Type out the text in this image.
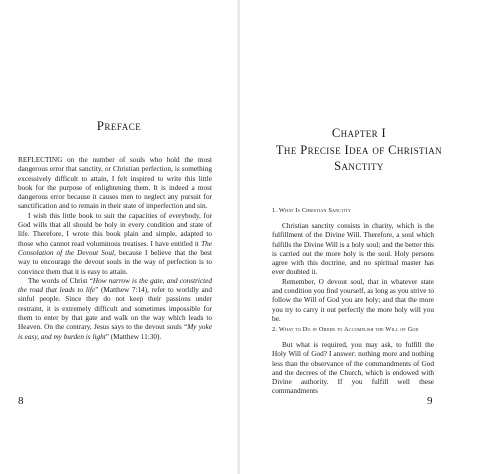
Preface

REFLECTING on the number of souls who hold the most dangerous error that sanctity, or Christian perfection, is something excessively difficult to attain, I felt inspired to write this little book for the purpose of enlightening them. It is indeed a most dangerous error because it causes men to neglect any pursuit for sanctification and to remain in their state of imperfection and sin.

I wish this little book to suit the capacities of everybody, for God wills that all should be holy in every condition and state of life. Therefore, I wrote this book plain and simple, adapted to those who cannot read voluminous treatises. I have entitled it The Consolation of the Devout Soul, because I believe that the best way to encourage the devout souls in the way of perfection is to convince them that it is easy to attain.

The words of Christ “How narrow is the gate, and constricted the road that leads to life” (Matthew 7:14), refer to worldly and sinful people. Since they do not keep their passions under restraint, it is extremely difficult and sometimes impossible for them to enter by that gate and walk on the way which leads to Heaven. On the contrary, Jesus says to the devout souls “My yoke is easy, and my burden is light” (Matthew 11:30).

8
Chapter I
The Precise Idea of Christian
Sanctity
1. What Is Christian Sanctity

Christian sanctity consists in charity, which is the fulfillment of the Divine Will. Therefore, a soul which fulfills the Divine Will is a holy soul; and the better this is carried out the more holy is the soul. Holy persons agree with this doctrine, and no spiritual master has ever doubted it.

Remember, O devout soul, that in whatever state and condition you find yourself, as long as you strive to follow the Will of God you are holy; and that the more you try to carry it out perfectly the more holy will you be.

2. What to Do in Order to Accomplish the Will of God

But what is required, you may ask, to fulfill the Holy Will of God? I answer: nothing more and nothing less than the observance of the commandments of God and the decrees of the Church, which is endowed with Divine authority. If you fulfill well these commandments

9
